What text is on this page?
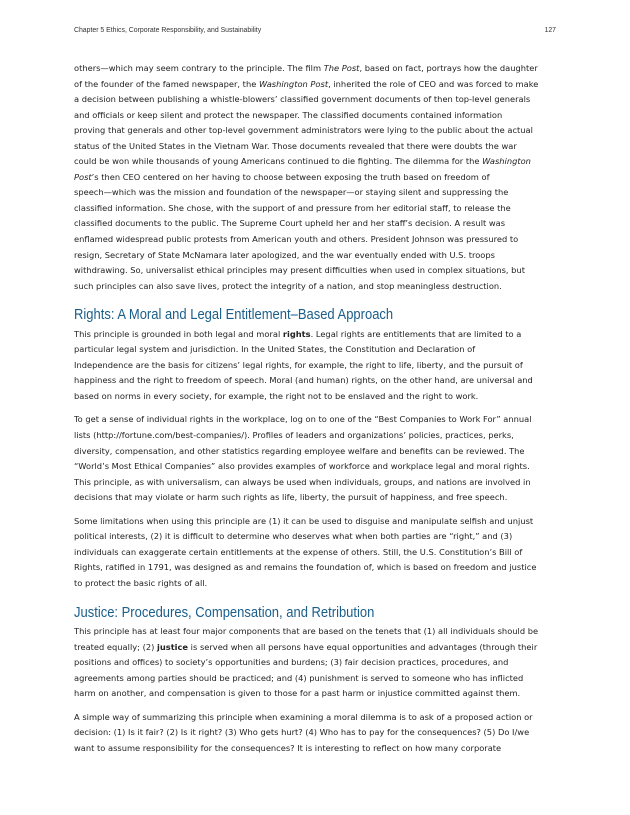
Chapter 5 Ethics, Corporate Responsibility, and Sustainability	127

others—which may seem contrary to the principle. The film The Post, based on fact, portrays how the daughter
of the founder of the famed newspaper, the Washington Post, inherited the role of CEO and was forced to make
a decision between publishing a whistle-blowers’ classified government documents of then top-level generals
and officials or keep silent and protect the newspaper. The classified documents contained information
proving that generals and other top-level government administrators were lying to the public about the actual
status of the United States in the Vietnam War. Those documents revealed that there were doubts the war
could be won while thousands of young Americans continued to die fighting. The dilemma for the Washington
Post’s then CEO centered on her having to choose between exposing the truth based on freedom of
speech—which was the mission and foundation of the newspaper—or staying silent and suppressing the
classified information. She chose, with the support of and pressure from her editorial staff, to release the
classified documents to the public. The Supreme Court upheld her and her staff’s decision. A result was
enflamed widespread public protests from American youth and others. President Johnson was pressured to
resign, Secretary of State McNamara later apologized, and the war eventually ended with U.S. troops
withdrawing. So, universalist ethical principles may present difficulties when used in complex situations, but
such principles can also save lives, protect the integrity of a nation, and stop meaningless destruction.

Rights: A Moral and Legal Entitlement–Based Approach

This principle is grounded in both legal and moral rights. Legal rights are entitlements that are limited to a
particular legal system and jurisdiction. In the United States, the Constitution and Declaration of
Independence are the basis for citizens’ legal rights, for example, the right to life, liberty, and the pursuit of
happiness and the right to freedom of speech. Moral (and human) rights, on the other hand, are universal and
based on norms in every society, for example, the right not to be enslaved and the right to work.

To get a sense of individual rights in the workplace, log on to one of the “Best Companies to Work For” annual
lists (http://fortune.com/best-companies/). Profiles of leaders and organizations’ policies, practices, perks,
diversity, compensation, and other statistics regarding employee welfare and benefits can be reviewed. The
“World’s Most Ethical Companies” also provides examples of workforce and workplace legal and moral rights.
This principle, as with universalism, can always be used when individuals, groups, and nations are involved in
decisions that may violate or harm such rights as life, liberty, the pursuit of happiness, and free speech.

Some limitations when using this principle are (1) it can be used to disguise and manipulate selfish and unjust
political interests, (2) it is difficult to determine who deserves what when both parties are “right,” and (3)
individuals can exaggerate certain entitlements at the expense of others. Still, the U.S. Constitution’s Bill of
Rights, ratified in 1791, was designed as and remains the foundation of, which is based on freedom and justice
to protect the basic rights of all.

Justice: Procedures, Compensation, and Retribution

This principle has at least four major components that are based on the tenets that (1) all individuals should be
treated equally; (2) justice is served when all persons have equal opportunities and advantages (through their
positions and offices) to society’s opportunities and burdens; (3) fair decision practices, procedures, and
agreements among parties should be practiced; and (4) punishment is served to someone who has inflicted
harm on another, and compensation is given to those for a past harm or injustice committed against them.

A simple way of summarizing this principle when examining a moral dilemma is to ask of a proposed action or
decision: (1) Is it fair? (2) Is it right? (3) Who gets hurt? (4) Who has to pay for the consequences? (5) Do I/we
want to assume responsibility for the consequences? It is interesting to reflect on how many corporate
